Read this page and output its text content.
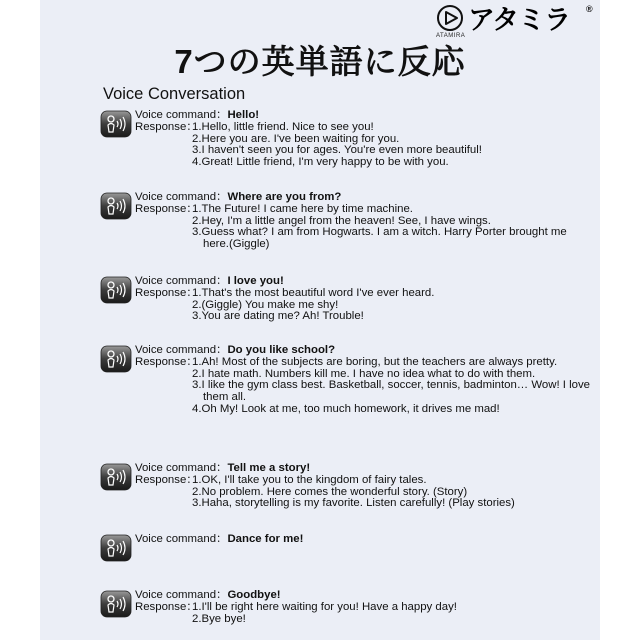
ATAMIRA
アタミラ ®
7つの英単語に反応
Voice Conversation
Voice command： Hello!
Response：
1.Hello, little friend. Nice to see you!
2.Here you are. I've been waiting for you.
3.I haven't seen you for ages. You're even more beautiful!
4.Great! Little friend, I'm very happy to be with you.
Voice command： Where are you from?
Response：
1.The Future! I came here by time machine.
2.Hey, I'm a little angel from the heaven! See, I have wings.
3.Guess what? I am from Hogwarts. I am a witch. Harry Porter brought me here.(Giggle)
Voice command： I love you!
Response：
1.That's the most beautiful word I've ever heard.
2.(Giggle) You make me shy!
3.You are dating me? Ah! Trouble!
Voice command： Do you like school?
Response：
1.Ah! Most of the subjects are boring, but the teachers are always pretty.
2.I hate math. Numbers kill me. I have no idea what to do with them.
3.I like the gym class best. Basketball, soccer, tennis, badminton… Wow! I love them all.
4.Oh My! Look at me, too much homework, it drives me mad!
Voice command： Tell me a story!
Response：
1.OK, I'll take you to the kingdom of fairy tales.
2.No problem. Here comes the wonderful story. (Story)
3.Haha, storytelling is my favorite. Listen carefully! (Play stories)
Voice command： Dance for me!
Voice command： Goodbye!
Response：
1.I'll be right here waiting for you! Have a happy day!
2.Bye bye!
